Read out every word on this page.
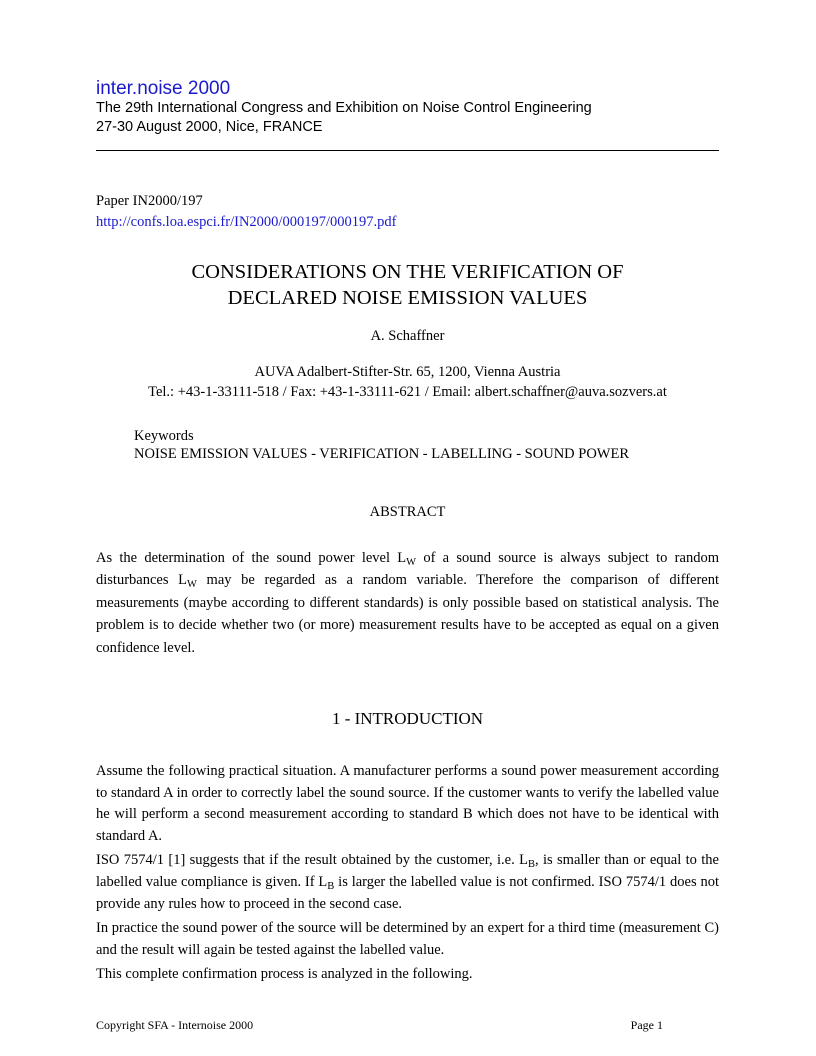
inter.noise 2000
The 29th International Congress and Exhibition on Noise Control Engineering
27-30 August 2000, Nice, FRANCE
Paper IN2000/197
http://confs.loa.espci.fr/IN2000/000197/000197.pdf
CONSIDERATIONS ON THE VERIFICATION OF
DECLARED NOISE EMISSION VALUES
A. Schaffner
AUVA Adalbert-Stifter-Str. 65, 1200, Vienna Austria
Tel.: +43-1-33111-518 / Fax: +43-1-33111-621 / Email: albert.schaffner@auva.sozvers.at
Keywords
NOISE EMISSION VALUES - VERIFICATION - LABELLING - SOUND POWER
ABSTRACT

As the determination of the sound power level $L_W$ of a sound source is always subject to random disturbances $L_W$ may be regarded as a random variable. Therefore the comparison of different measurements (maybe according to different standards) is only possible based on statistical analysis. The problem is to decide whether two (or more) measurement results have to be accepted as equal on a given confidence level.

1 - INTRODUCTION

Assume the following practical situation. A manufacturer performs a sound power measurement according to standard A in order to correctly label the sound source. If the customer wants to verify the labelled value he will perform a second measurement according to standard B which does not have to be identical with standard A.

ISO 7574/1 [1] suggests that if the result obtained by the customer, i.e. $L_B$, is smaller than or equal to the labelled value compliance is given. If $L_B$ is larger the labelled value is not confirmed. ISO 7574/1 does not provide any rules how to proceed in the second case.

In practice the sound power of the source will be determined by an expert for a third time (measurement C) and the result will again be tested against the labelled value.

This complete confirmation process is analyzed in the following.

Copyright SFA - Internoise 2000	Page 1
